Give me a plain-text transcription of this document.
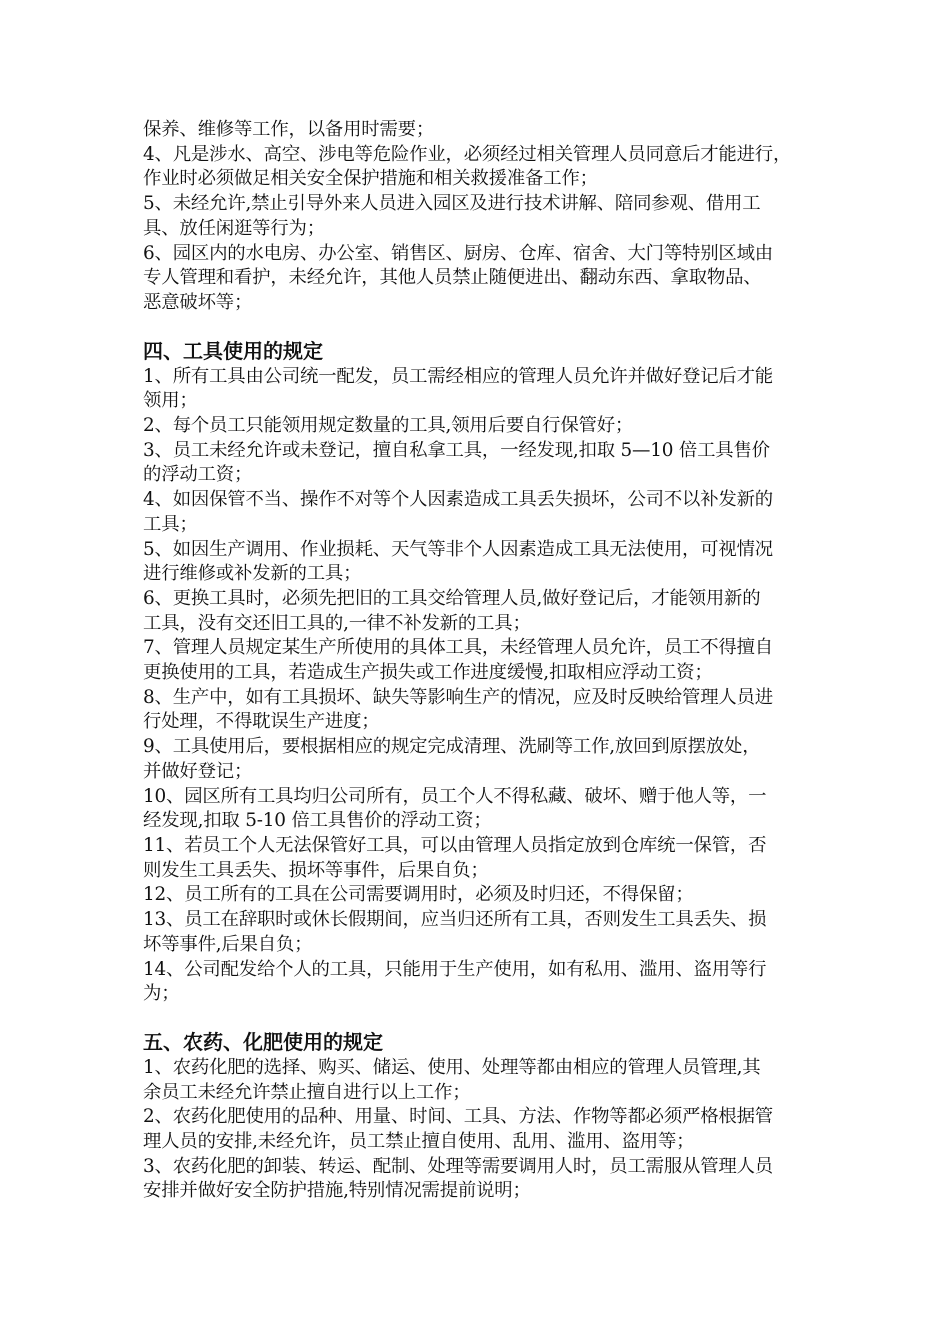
保养、维修等工作，以备用时需要；
4、凡是涉水、高空、涉电等危险作业，必须经过相关管理人员同意后才能进行，
作业时必须做足相关安全保护措施和相关救援准备工作；
5、未经允许,禁止引导外来人员进入园区及进行技术讲解、陪同参观、借用工
具、放任闲逛等行为；
6、园区内的水电房、办公室、销售区、厨房、仓库、宿舍、大门等特别区域由
专人管理和看护，未经允许，其他人员禁止随便进出、翻动东西、拿取物品、
恶意破坏等；
四、工具使用的规定
1、所有工具由公司统一配发，员工需经相应的管理人员允许并做好登记后才能
领用；
2、每个员工只能领用规定数量的工具,领用后要自行保管好；
3、员工未经允许或未登记，擅自私拿工具，一经发现,扣取 5—10 倍工具售价
的浮动工资；
4、如因保管不当、操作不对等个人因素造成工具丢失损坏，公司不以补发新的
工具；
5、如因生产调用、作业损耗、天气等非个人因素造成工具无法使用，可视情况
进行维修或补发新的工具；
6、更换工具时，必须先把旧的工具交给管理人员,做好登记后，才能领用新的
工具，没有交还旧工具的,一律不补发新的工具；
7、管理人员规定某生产所使用的具体工具，未经管理人员允许，员工不得擅自
更换使用的工具，若造成生产损失或工作进度缓慢,扣取相应浮动工资；
8、生产中，如有工具损坏、缺失等影响生产的情况，应及时反映给管理人员进
行处理，不得耽误生产进度；
9、工具使用后，要根据相应的规定完成清理、洗刷等工作,放回到原摆放处，
并做好登记；
10、园区所有工具均归公司所有，员工个人不得私藏、破坏、赠于他人等，一
经发现,扣取 5-10 倍工具售价的浮动工资；
11、若员工个人无法保管好工具，可以由管理人员指定放到仓库统一保管，否
则发生工具丢失、损坏等事件，后果自负；
12、员工所有的工具在公司需要调用时，必须及时归还，不得保留；
13、员工在辞职时或休长假期间，应当归还所有工具，否则发生工具丢失、损
坏等事件,后果自负；
14、公司配发给个人的工具，只能用于生产使用，如有私用、滥用、盗用等行
为；
五、农药、化肥使用的规定
1、农药化肥的选择、购买、储运、使用、处理等都由相应的管理人员管理,其
余员工未经允许禁止擅自进行以上工作；
2、农药化肥使用的品种、用量、时间、工具、方法、作物等都必须严格根据管
理人员的安排,未经允许，员工禁止擅自使用、乱用、滥用、盗用等；
3、农药化肥的卸装、转运、配制、处理等需要调用人时，员工需服从管理人员
安排并做好安全防护措施,特别情况需提前说明；
